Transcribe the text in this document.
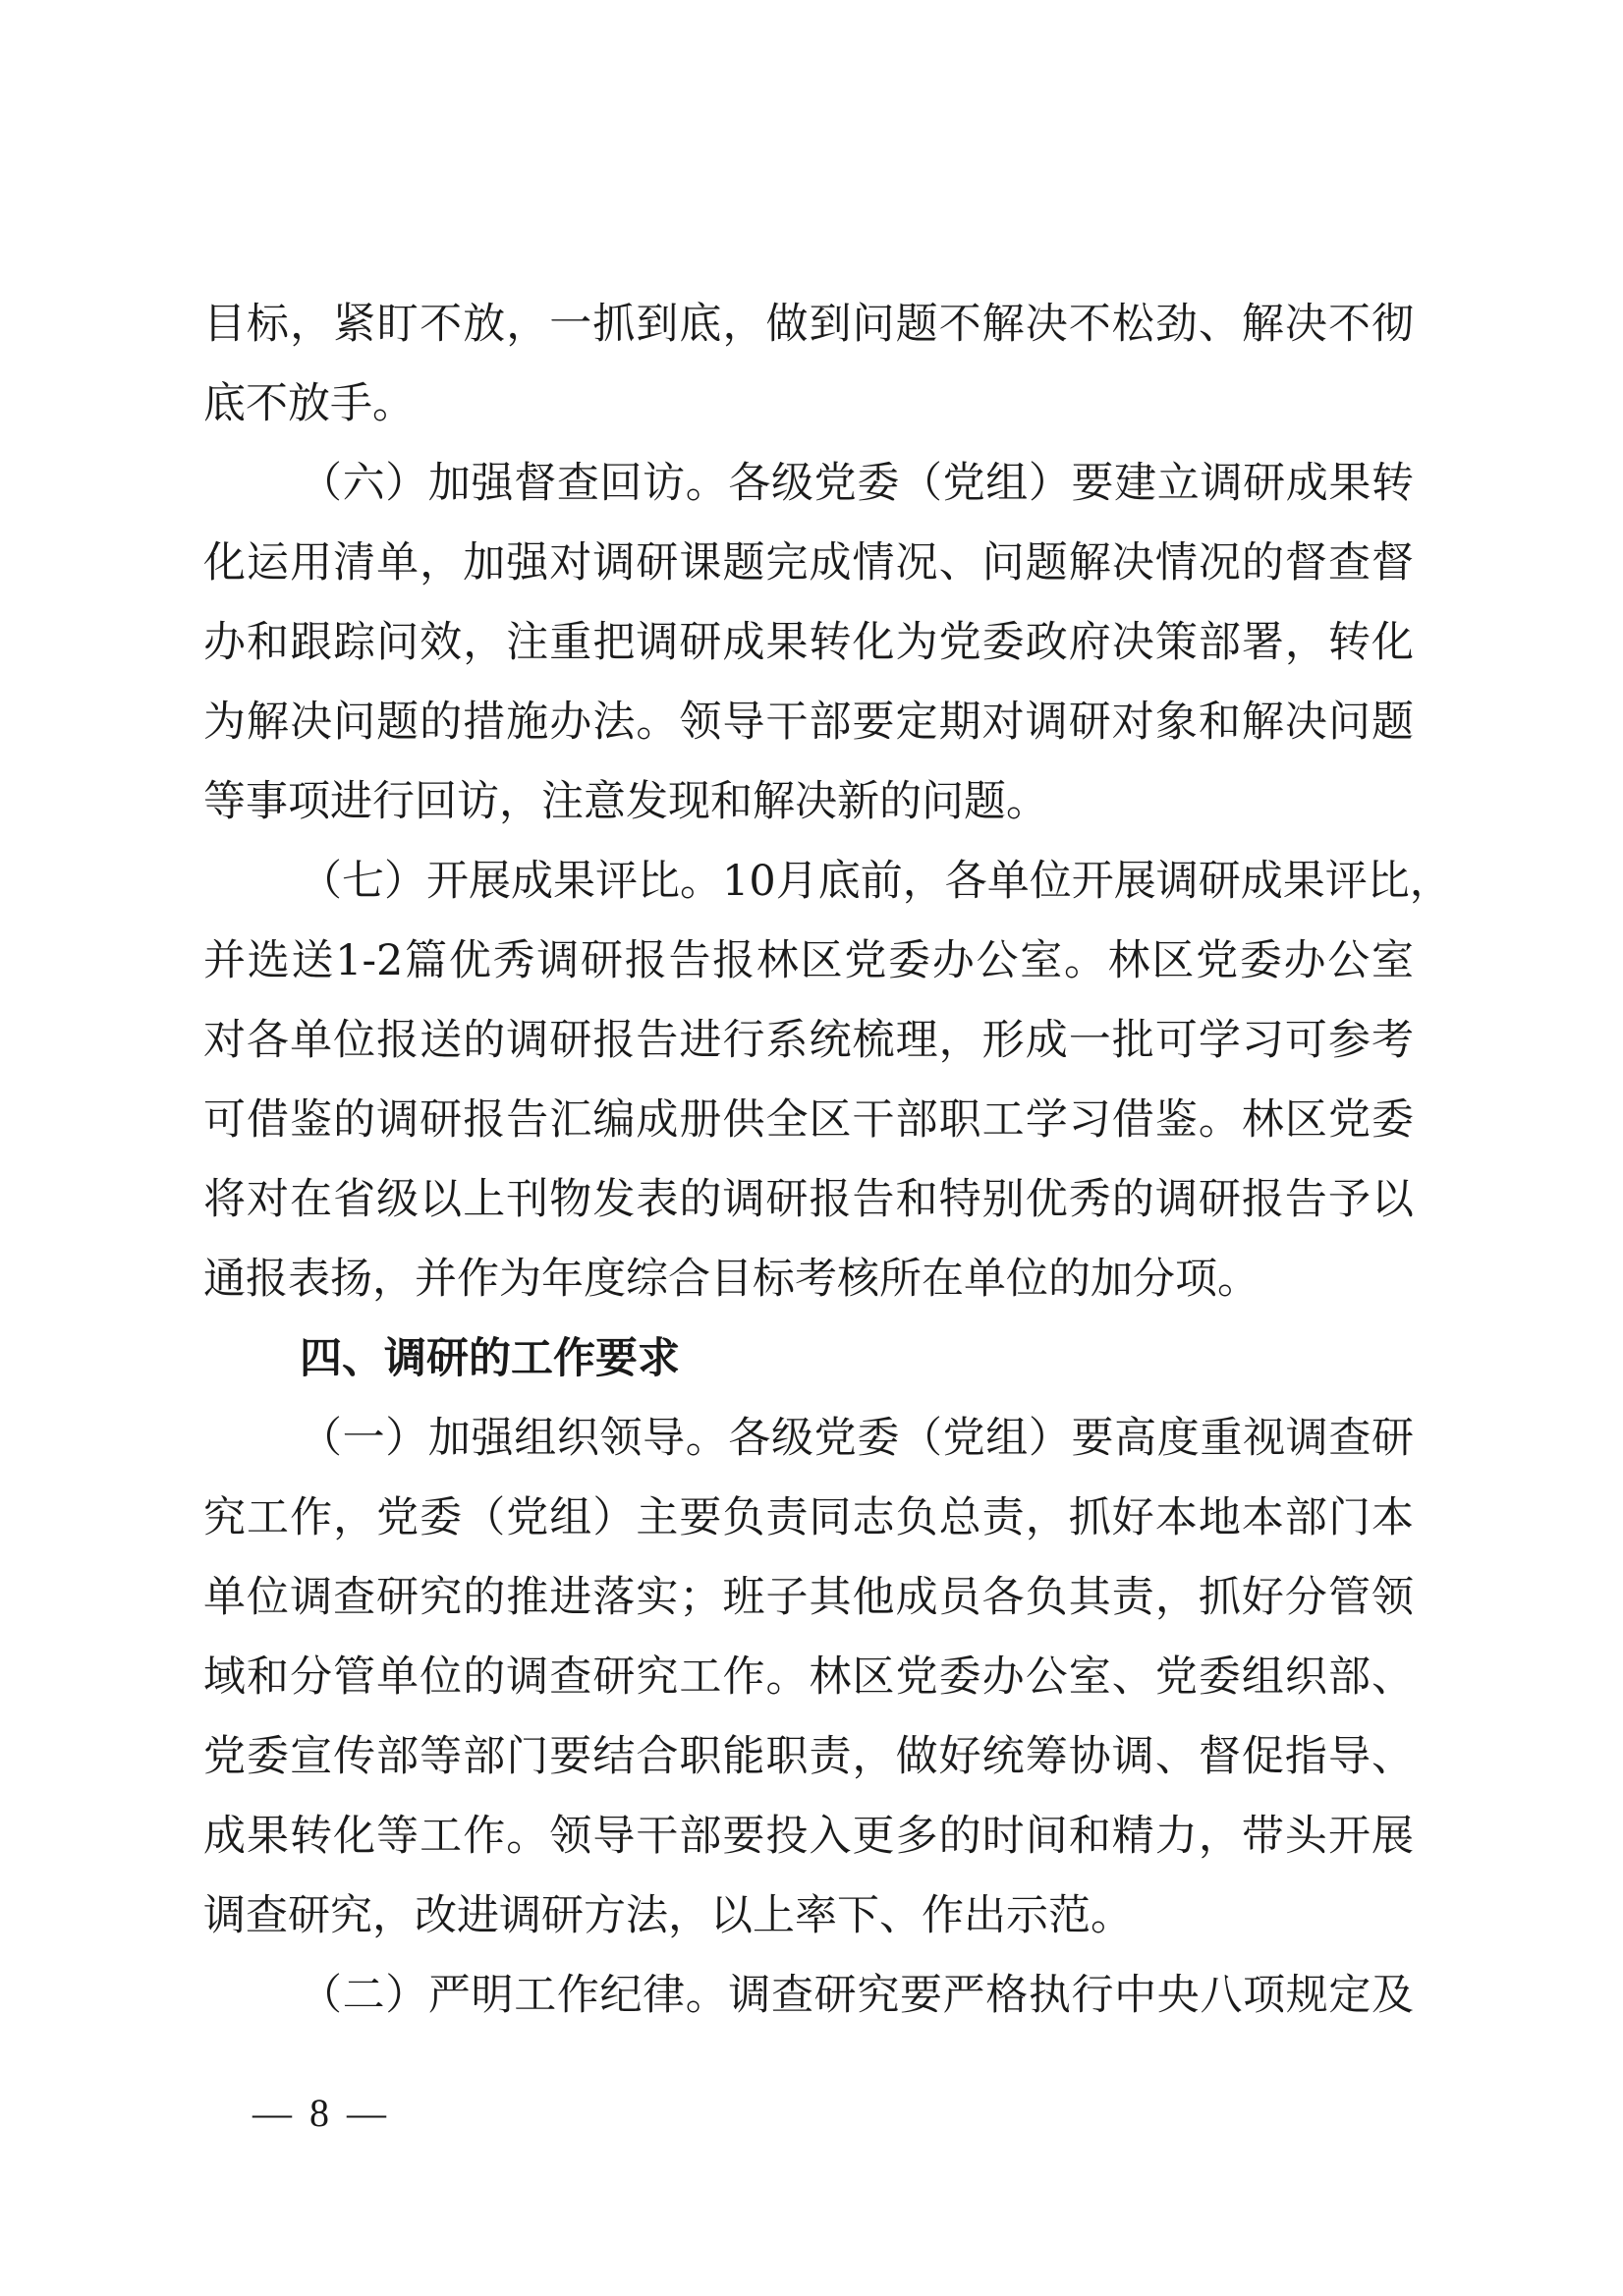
目标，紧盯不放，一抓到底，做到问题不解决不松劲、解决不彻
底不放手。
（六）加强督查回访。各级党委（党组）要建立调研成果转
化运用清单，加强对调研课题完成情况、问题解决情况的督查督
办和跟踪问效，注重把调研成果转化为党委政府决策部署，转化
为解决问题的措施办法。领导干部要定期对调研对象和解决问题
等事项进行回访，注意发现和解决新的问题。
（七）开展成果评比。10月底前，各单位开展调研成果评比，
并选送1-2篇优秀调研报告报林区党委办公室。林区党委办公室
对各单位报送的调研报告进行系统梳理，形成一批可学习可参考
可借鉴的调研报告汇编成册供全区干部职工学习借鉴。林区党委
将对在省级以上刊物发表的调研报告和特别优秀的调研报告予以
通报表扬，并作为年度综合目标考核所在单位的加分项。
四、调研的工作要求
（一）加强组织领导。各级党委（党组）要高度重视调查研
究工作，党委（党组）主要负责同志负总责，抓好本地本部门本
单位调查研究的推进落实；班子其他成员各负其责，抓好分管领
域和分管单位的调查研究工作。林区党委办公室、党委组织部、
党委宣传部等部门要结合职能职责，做好统筹协调、督促指导、
成果转化等工作。领导干部要投入更多的时间和精力，带头开展
调查研究，改进调研方法，以上率下、作出示范。
（二）严明工作纪律。调查研究要严格执行中央八项规定及
— 8 —
